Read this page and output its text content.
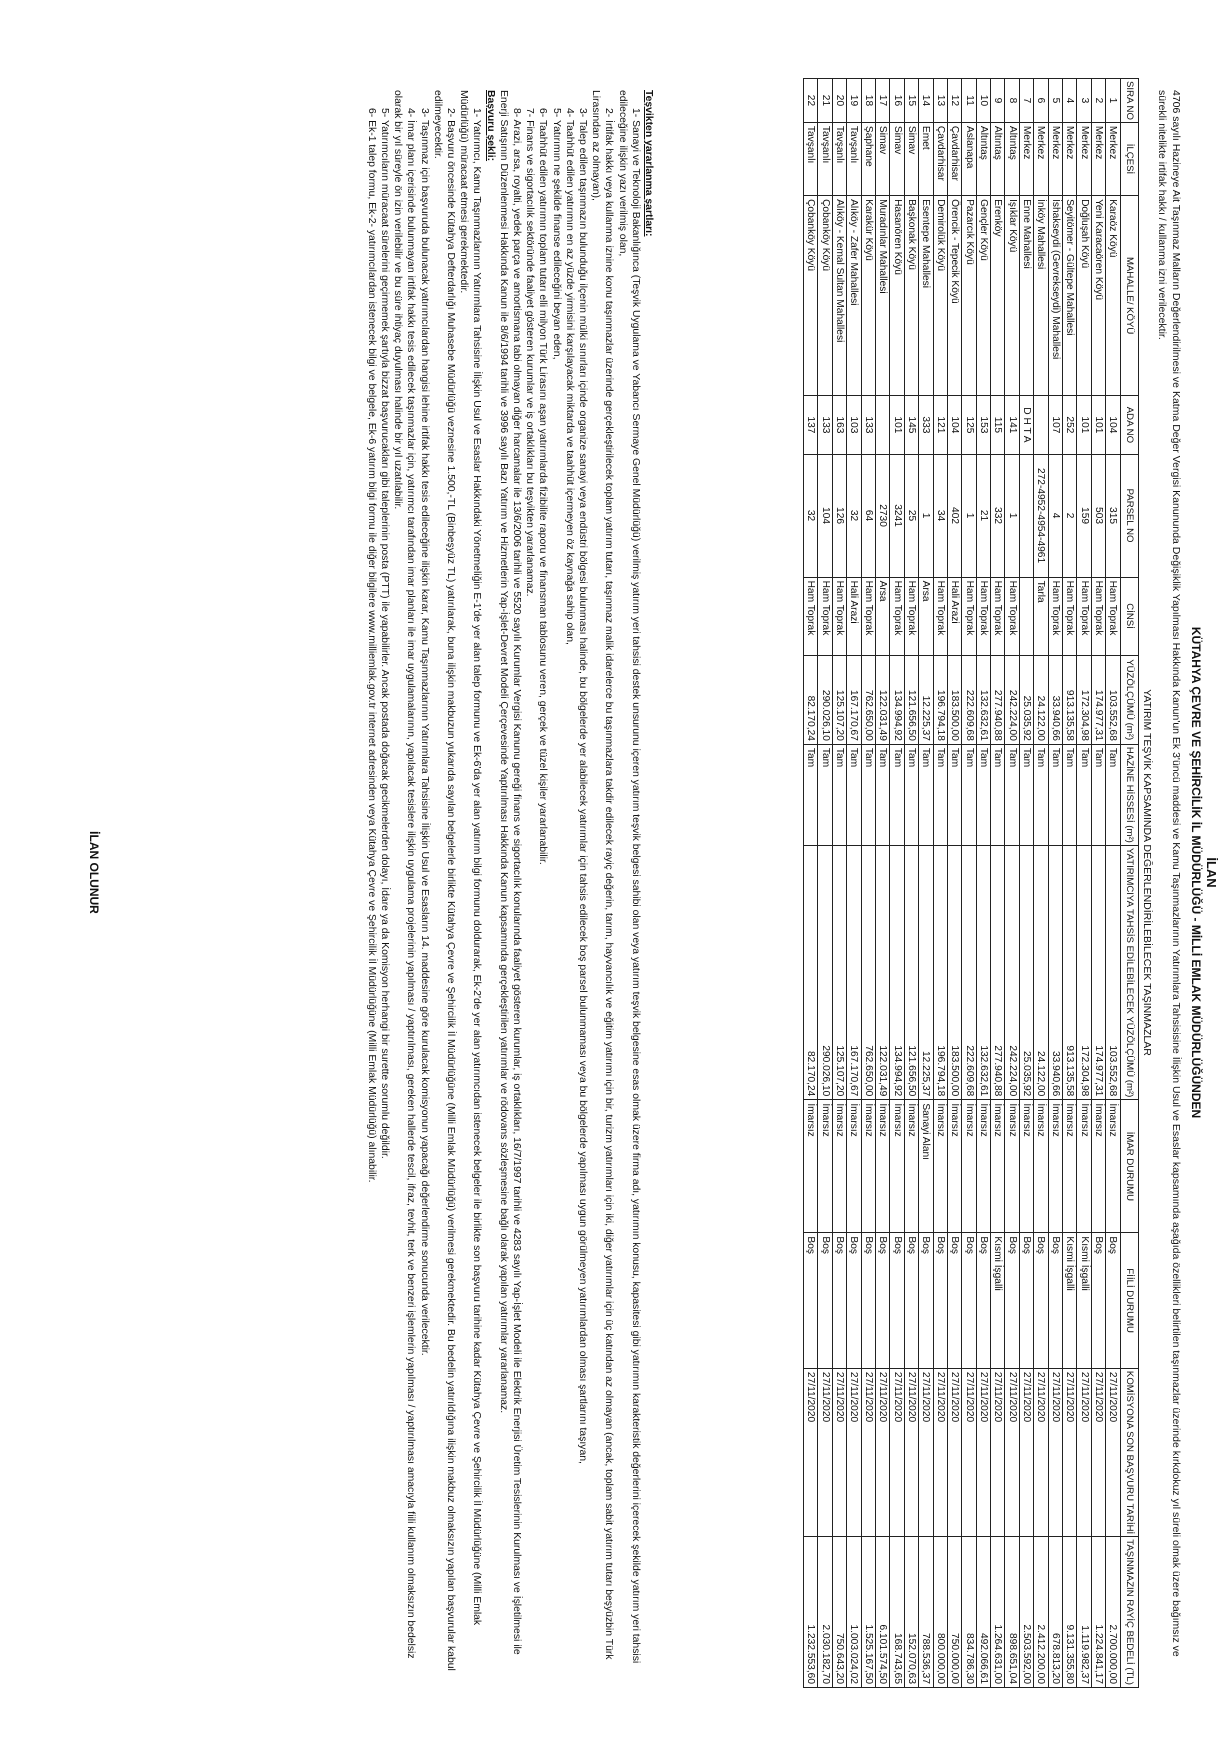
İLAN
KÜTAHYA ÇEVRE VE ŞEHİRCİLİK İL MÜDÜRLÜĞÜ - MİLLİ EMLAK MÜDÜRLÜĞÜNDEN
4706 sayılı Hazineye Ait Taşınmaz Malların Değerlendirilmesi ve Katma Değer Vergisi Kanununda Değişiklik Yapılması Hakkında Kanun'un Ek 3'üncü maddesi ve Kamu Taşınmazlarının Yatırımlara Tahsisisine İlişkin Usul ve Esaslar kapsamında aşağıda özellikleri belirtilen taşınmazlar üzerinde kırkdokuz yıl süreli olmak üzere bağımsız ve sürekli nitelikte irtifak hakkı / kullanma izni verilecektir.
YATIRIM TEŞVİK KAPSAMINDA DEĞERLENDİRİLEBİLECEK TAŞINMAZLAR
SIRA NO	İLÇESİ	MAHALLE/ KÖYÜ	ADA NO	PARSEL NO	CİNSİ	YÜZÖLÇÜMÜ (m²)	HAZİNE HİSSESİ (m²)	YATIRIMCIYA TAHSİS EDİLEBİLECEK YÜZÖLÇÜMÜ (m²)	İMAR DURUMU	FİİLİ DURUMU	KOMİSYONA SON BAŞVURU TARİHİ	TAŞINMAZIN RAYİÇ BEDELİ (TL)
1	Merkez	Karaöz Köyü	104	315	Ham Toprak	103.552,68	Tam	103.552,68	İmarsız	Boş	27/11/2020	2.700.000,00
2	Merkez	Yeni Karacaören Köyü	101	503	Ham Toprak	174.977,31	Tam	174.977,31	İmarsız	Boş	27/11/2020	1.224.841,17
3	Merkez	Doğluşah Köyü	101	159	Ham Toprak	172.304,98	Tam	172.304,98	İmarsız	Kısmi İşgalli	27/11/2020	1.119.982,37
4	Merkez	Seyitömer - Gültepe Mahallesi	252	2	Ham Toprak	913.135,58	Tam	913.135,58	İmarsız	Kısmi İşgalli	27/11/2020	9.131.355,80
5	Merkez	İshakseydi (Gevrekseydi) Mahallesi	107	4	Ham Toprak	33.940,66	Tam	33.940,66	İmarsız	Boş	27/11/2020	678.813,20
6	Merkez	İnköy Mahallesi		272-4952-4954-4961	Tarla	24.122,00	Tam	24.122,00	İmarsız	Boş	27/11/2020	2.412.200,00
7	Merkez	Enne Mahallesi	D H T A			25.035,92	Tam	25.035,92	İmarsız	Boş	27/11/2020	2.503.592,00
8	Altıntaş	Işıklar Köyü	141	1	Ham Toprak	242.224,00	Tam	242.224,00	İmarsız	Boş	27/11/2020	898.651,04
9	Altıntaş	Erenköy	115	332	Ham Toprak	277.940,88	Tam	277.940,88	İmarsız	Kısmi İşgalli	27/11/2020	1.264.631,00
10	Altıntaş	Gençler Köyü	153	21	Ham Toprak	132.632,61	Tam	132.632,61	İmarsız	Boş	27/11/2020	492.066,61
11	Aslanapa	Pazarcık Köyü	125	1	Ham Toprak	222.609,68	Tam	222.609,68	İmarsız	Boş	27/11/2020	834.786,30
12	Çavdarhisar	Örencik - Tepecik Köyü	104	402	Hali Arazi	183.500,00	Tam	183.500,00	İmarsız	Boş	27/11/2020	750.000,00
13	Çavdarhisar	Demirolük Köyü	121	34	Ham Toprak	196.794,18	Tam	196.794,18	İmarsız	Boş	27/11/2020	800.000,00
14	Emet	Esentepe Mahallesi	333	1	Arsa	12.225,37	Tam	12.225,37	Sanayi Alanı	Boş	27/11/2020	788.536,37
15	Simav	Başkonak Köyü	145	25	Ham Toprak	121.656,50	Tam	121.656,50	İmarsız	Boş	27/11/2020	152.070,63
16	Simav	Hasanören Köyü	101	3241	Ham Toprak	134.994,92	Tam	134.994,92	İmarsız	Boş	27/11/2020	168.743,65
17	Simav	Muradınlar Mahallesi		2730	Arsa	122.031,49	Tam	122.031,49	İmarsız	Boş	27/11/2020	6.101.574,50
18	Şaphane	Karakür Köyü	133	64	Ham Toprak	762.650,00	Tam	762.650,00	İmarsız	Boş	27/11/2020	1.525.167,50
19	Tavşanlı	Alıköy - Zafer Mahallesi	103	32	Hali Arazi	167.170,67	Tam	167.170,67	İmarsız	Boş	27/11/2020	1.003.024,02
20	Tavşanlı	Alıköy - Kemal Sultan Mahallesi	163	126	Ham Toprak	125.107,20	Tam	125.107,20	İmarsız	Boş	27/11/2020	750.643,20
21	Tavşanlı	Çobanköy Köyü	133	104	Ham Toprak	290.026,10	Tam	290.026,10	İmarsız	Boş	27/11/2020	2.030.182,70
22	Tavşanlı	Çobanköy Köyü	137	32	Ham Toprak	82.170,24	Tam	82.170,24	İmarsız	Boş	27/11/2020	1.232.553,60
Teşvikten yararlanma şartları:
1- Sanayi ve Teknoloji Bakanlığınca (Teşvik Uygulama ve Yabancı Sermaye Genel Müdürlüğü) verilmiş yatırım yeri tahsisi destek unsurunu içeren yatırım teşvik belgesi sahibi olan veya yatırım teşvik belgesine esas olmak üzere firma adı, yatırımın konusu, kapasitesi gibi yatırımın karakteristik değerlerini içerecek şekilde yatırım yeri tahsisi edileceğine ilişkin yazı verilmiş olan,
2- İrtifak hakkı veya kullanma iznine konu taşınmazlar üzerinde gerçekleştirilecek toplam yatırım tutarı, taşınmaz malik idarelerce bu taşınmazlara takdir edilecek rayiç değerin, tarım, hayvancılık ve eğitim yatırımı için bir, turizm yatırımları için iki, diğer yatırımlar için üç katından az olmayan (ancak, toplam sabit yatırım tutarı beşyüzbin Türk Lirasından az olmayan),
3- Talep edilen taşınmazın bulunduğu ilçenin mülki sınırları içinde organize sanayi veya endüstri bölgesi bulunması halinde, bu bölgelerde yer alabilecek yatırımlar için tahsis edilecek boş parsel bulunmaması veya bu bölgelerde yapılması uygun görülmeyen yatırımlardan olması şartlarını taşıyan,
4- Taahhüt edilen yatırımın en az yüzde yirmisini karşılayacak miktarda ve taahhüt içermeyen öz kaynağa sahip olan,
5- Yatırımın ne şekilde finanse edileceğini beyan eden,
6- Taahhüt edilen yatırımın toplam tutarı elli milyon Türk Lirasını aşan yatırımlarda fizibilite raporu ve finansman tablosunu veren, gerçek ve tüzel kişiler yararlanabilir.
7- Finans ve sigortacılık sektöründe faaliyet gösteren kurumlar ve iş ortaklıkları bu teşvikten yararlanamaz.
8- Arazi, arsa, royalti, yedek parça ve amortismana tabi olmayan diğer harcamalar ile 13/6/2006 tarihli ve 5520 sayılı Kurumlar Vergisi Kanunu gereği finans ve sigortacılık konularında faaliyet gösteren kurumlar, iş ortaklıkları, 16/7/1997 tarihli ve 4283 sayılı Yap-İşlet Modeli ile Elektrik Enerjisi Üretim Tesislerinin Kurulması ve İşletilmesi ile Enerji Satışının Düzenlenmesi Hakkında Kanun ile 8/6/1994 tarihli ve 3996 sayılı Bazı Yatırım ve Hizmetlerin Yap-İşlet-Devret Modeli Çerçevesinde Yaptırılması Hakkında Kanun kapsamında gerçekleştirilen yatırımlar ve rödovans sözleşmesine bağlı olarak yapılan yatırımlar yararlanamaz.
Başvuru şekli:
1- Yatırımcı, Kamu Taşınmazlarının Yatırımlara Tahsisine İlişkin Usul ve Esaslar Hakkındaki Yönetmeliğin E-1'de yer alan talep formunu ve Ek-6'da yer alan yatırım bilgi formunu doldurarak, Ek-2'de yer alan yatırımcıdan istenecek belgeler ile birlikte son başvuru tarihine kadar Kütahya Çevre ve Şehircilik İl Müdürlüğüne (Milli Emlak Müdürlüğü) müracaat etmesi gerekmektedir.
2- Başvuru öncesinde Kütahya Defterdarlığı Muhasebe Müdürlüğü veznesine 1.500,-TL (Binbeşyüz TL) yatırılarak, buna ilişkin makbuzun yukarıda sayılan belgelerle birlikte Kütahya Çevre ve Şehircilik İl Müdürlüğüne (Milli Emlak Müdürlüğü) verilmesi gerekmektedir. Bu bedelin yatırıldığına ilişkin makbuz olmaksızın yapılan başvurular kabul edilmeyecektir.
3- Taşınmaz için başvuruda bulunacak yatırımcılardan hangisi lehine irtifak hakkı tesis edileceğine ilişkin karar, Kamu Taşınmazlarının Yatırımlara Tahsisine İlişkin Usul ve Esasların 14. maddesine göre kurulacak komisyonun yapacağı değerlendirme sonucunda verilecektir.
4- İmar planı içerisinde bulunmayan irtifak hakkı tesis edilecek taşınmazlar için, yatırımcı tarafından imar planları ile imar uygulamalarının, yapılacak tesislere ilişkin uygulama projelerinin yapılması / yaptırılması, gereken hallerde tescil, ifraz, tevhit, terk ve benzeri işlemlerin yapılması / yaptırılması amacıyla fiili kullanım olmaksızın bedelsiz olarak bir yıl süreyle ön izin verilebilir ve bu süre ihtiyaç duyulması halinde bir yıl uzatılabilir.
5- Yatırımcıların müracaat sürelerini geçirmemek şartıyla bizzat başvurucakları gibi taleplerinin posta (PTT) ile yapabilirler. Ancak postada doğacak gecikmelerden dolayı, İdare ya da Komisyon herhangi bir surette sorumlu değildir.
6- Ek-1 talep formu, Ek-2- yatırımcılardan istenecek bilgi ve belgele, Ek-6 yatırım bilgi formu ile diğer bilgilere www.milliemlak.gov.tr internet adresinden veya Kütahya Çevre ve Şehircilik İl Müdürlüğüne (Milli Emlak Müdürlüğü) alınabilir.
İLAN OLUNUR
